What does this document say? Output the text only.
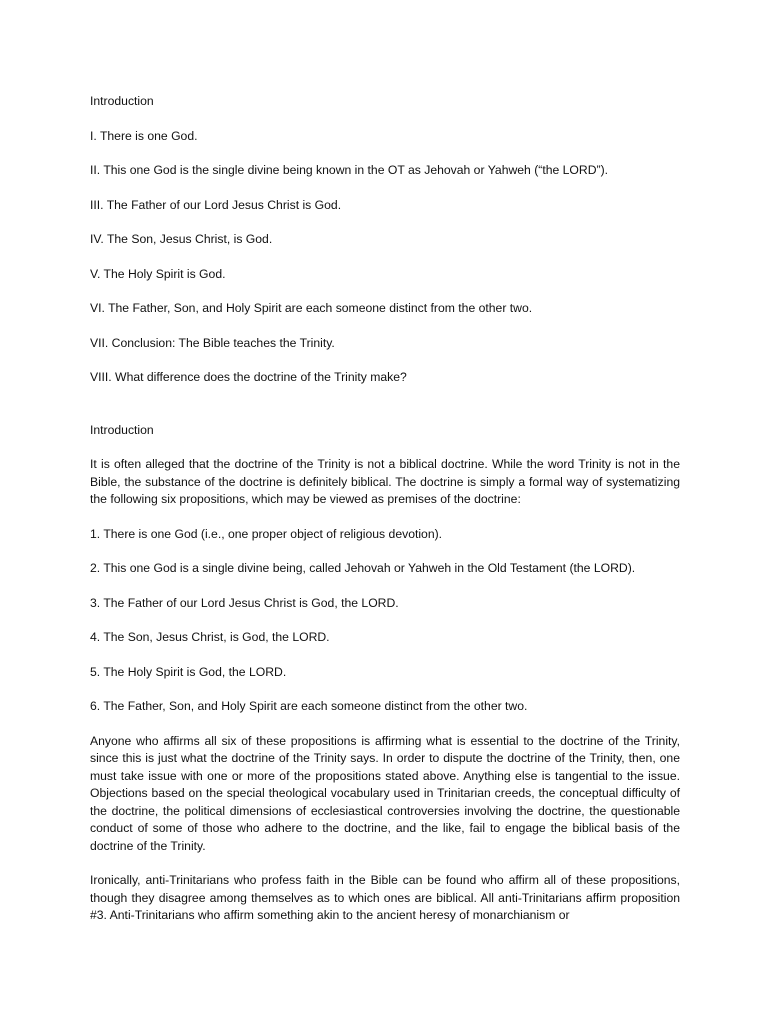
Introduction

I. There is one God.

II. This one God is the single divine being known in the OT as Jehovah or Yahweh (“the LORD”).

III. The Father of our Lord Jesus Christ is God.

IV. The Son, Jesus Christ, is God.

V. The Holy Spirit is God.

VI. The Father, Son, and Holy Spirit are each someone distinct from the other two.

VII. Conclusion: The Bible teaches the Trinity.

VIII. What difference does the doctrine of the Trinity make?

Introduction

It is often alleged that the doctrine of the Trinity is not a biblical doctrine. While the word Trinity is not in the Bible, the substance of the doctrine is definitely biblical. The doctrine is simply a formal way of systematizing the following six propositions, which may be viewed as premises of the doctrine:

1. There is one God (i.e., one proper object of religious devotion).

2. This one God is a single divine being, called Jehovah or Yahweh in the Old Testament (the LORD).

3. The Father of our Lord Jesus Christ is God, the LORD.

4. The Son, Jesus Christ, is God, the LORD.

5. The Holy Spirit is God, the LORD.

6. The Father, Son, and Holy Spirit are each someone distinct from the other two.

Anyone who affirms all six of these propositions is affirming what is essential to the doctrine of the Trinity, since this is just what the doctrine of the Trinity says. In order to dispute the doctrine of the Trinity, then, one must take issue with one or more of the propositions stated above. Anything else is tangential to the issue. Objections based on the special theological vocabulary used in Trinitarian creeds, the conceptual difficulty of the doctrine, the political dimensions of ecclesiastical controversies involving the doctrine, the questionable conduct of some of those who adhere to the doctrine, and the like, fail to engage the biblical basis of the doctrine of the Trinity.

Ironically, anti-Trinitarians who profess faith in the Bible can be found who affirm all of these propositions, though they disagree among themselves as to which ones are biblical. All anti-Trinitarians affirm proposition #3. Anti-Trinitarians who affirm something akin to the ancient heresy of monarchianism or
